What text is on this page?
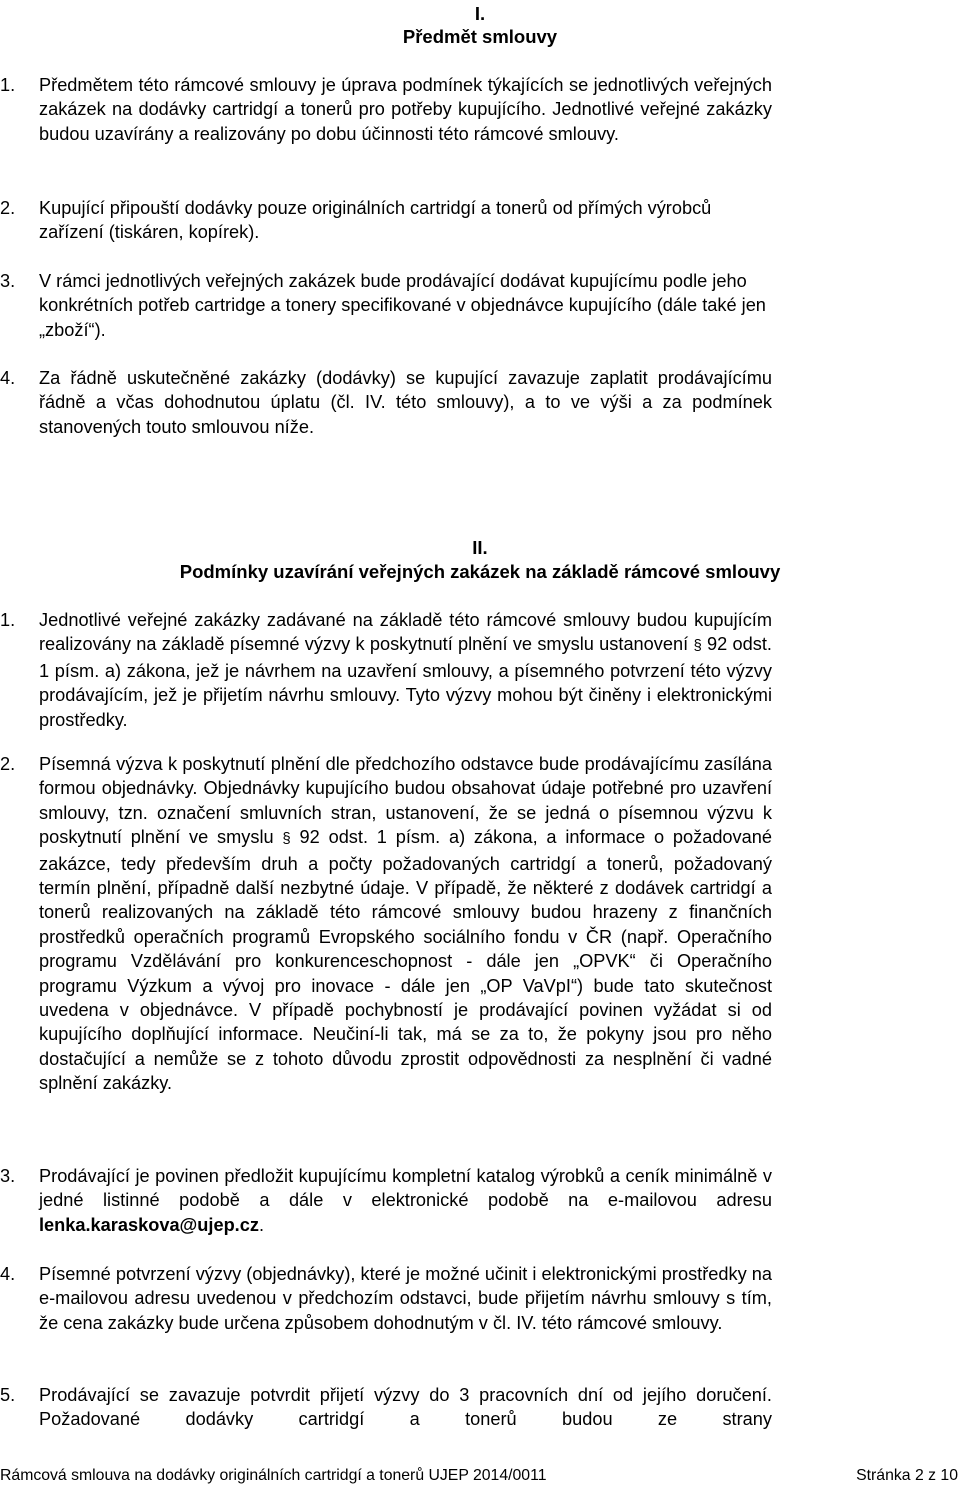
I.
Předmět smlouvy
1. Předmětem této rámcové smlouvy je úprava podmínek týkajících se jednotlivých veřejných zakázek na dodávky cartridgí a tonerů pro potřeby kupujícího. Jednotlivé veřejné zakázky budou uzavírány a realizovány po dobu účinnosti této rámcové smlouvy.
2. Kupující připouští dodávky pouze originálních cartridgí a tonerů od přímých výrobců zařízení (tiskáren, kopírek).
3. V rámci jednotlivých veřejných zakázek bude prodávající dodávat kupujícímu podle jeho konkrétních potřeb cartridge a tonery specifikované v objednávce kupujícího (dále také jen „zboží“).
4. Za řádně uskutečněné zakázky (dodávky) se kupující zavazuje zaplatit prodávajícímu řádně a včas dohodnutou úplatu (čl. IV. této smlouvy), a to ve výši a za podmínek stanovených touto smlouvou níže.
II.
Podmínky uzavírání veřejných zakázek na základě rámcové smlouvy
1. Jednotlivé veřejné zakázky zadávané na základě této rámcové smlouvy budou kupujícím realizovány na základě písemné výzvy k poskytnutí plnění ve smyslu ustanovení § 92 odst. 1 písm. a) zákona, jež je návrhem na uzavření smlouvy, a písemného potvrzení této výzvy prodávajícím, jež je přijetím návrhu smlouvy. Tyto výzvy mohou být činěny i elektronickými prostředky.
2. Písemná výzva k poskytnutí plnění dle předchozího odstavce bude prodávajícímu zasílána formou objednávky. Objednávky kupujícího budou obsahovat údaje potřebné pro uzavření smlouvy, tzn. označení smluvních stran, ustanovení, že se jedná o písemnou výzvu k poskytnutí plnění ve smyslu § 92 odst. 1 písm. a) zákona, a informace o požadované zakázce, tedy především druh a počty požadovaných cartridgí a tonerů, požadovaný termín plnění, případně další nezbytné údaje. V případě, že některé z dodávek cartridgí a tonerů realizovaných na základě této rámcové smlouvy budou hrazeny z finančních prostředků operačních programů Evropského sociálního fondu v ČR (např. Operačního programu Vzdělávání pro konkurenceschopnost - dále jen „OPVK“ či Operačního programu Výzkum a vývoj pro inovace - dále jen „OP VaVpI“) bude tato skutečnost uvedena v objednávce. V případě pochybností je prodávající povinen vyžádat si od kupujícího doplňující informace. Neučiní-li tak, má se za to, že pokyny jsou pro něho dostačující a nemůže se z tohoto důvodu zprostit odpovědnosti za nesplnění či vadné splnění zakázky.
3. Prodávající je povinen předložit kupujícímu kompletní katalog výrobků a ceník minimálně v jedné listinné podobě a dále v elektronické podobě na e-mailovou adresu lenka.karaskova@ujep.cz.
4. Písemné potvrzení výzvy (objednávky), které je možné učinit i elektronickými prostředky na e-mailovou adresu uvedenou v předchozím odstavci, bude přijetím návrhu smlouvy s tím, že cena zakázky bude určena způsobem dohodnutým v čl. IV. této rámcové smlouvy.
5. Prodávající se zavazuje potvrdit přijetí výzvy do 3 pracovních dní od jejího doručení. Požadované dodávky cartridgí a tonerů budou ze strany
Rámcová smlouva na dodávky originálních cartridgí a tonerů UJEP 2014/0011	Stránka 2 z 10
